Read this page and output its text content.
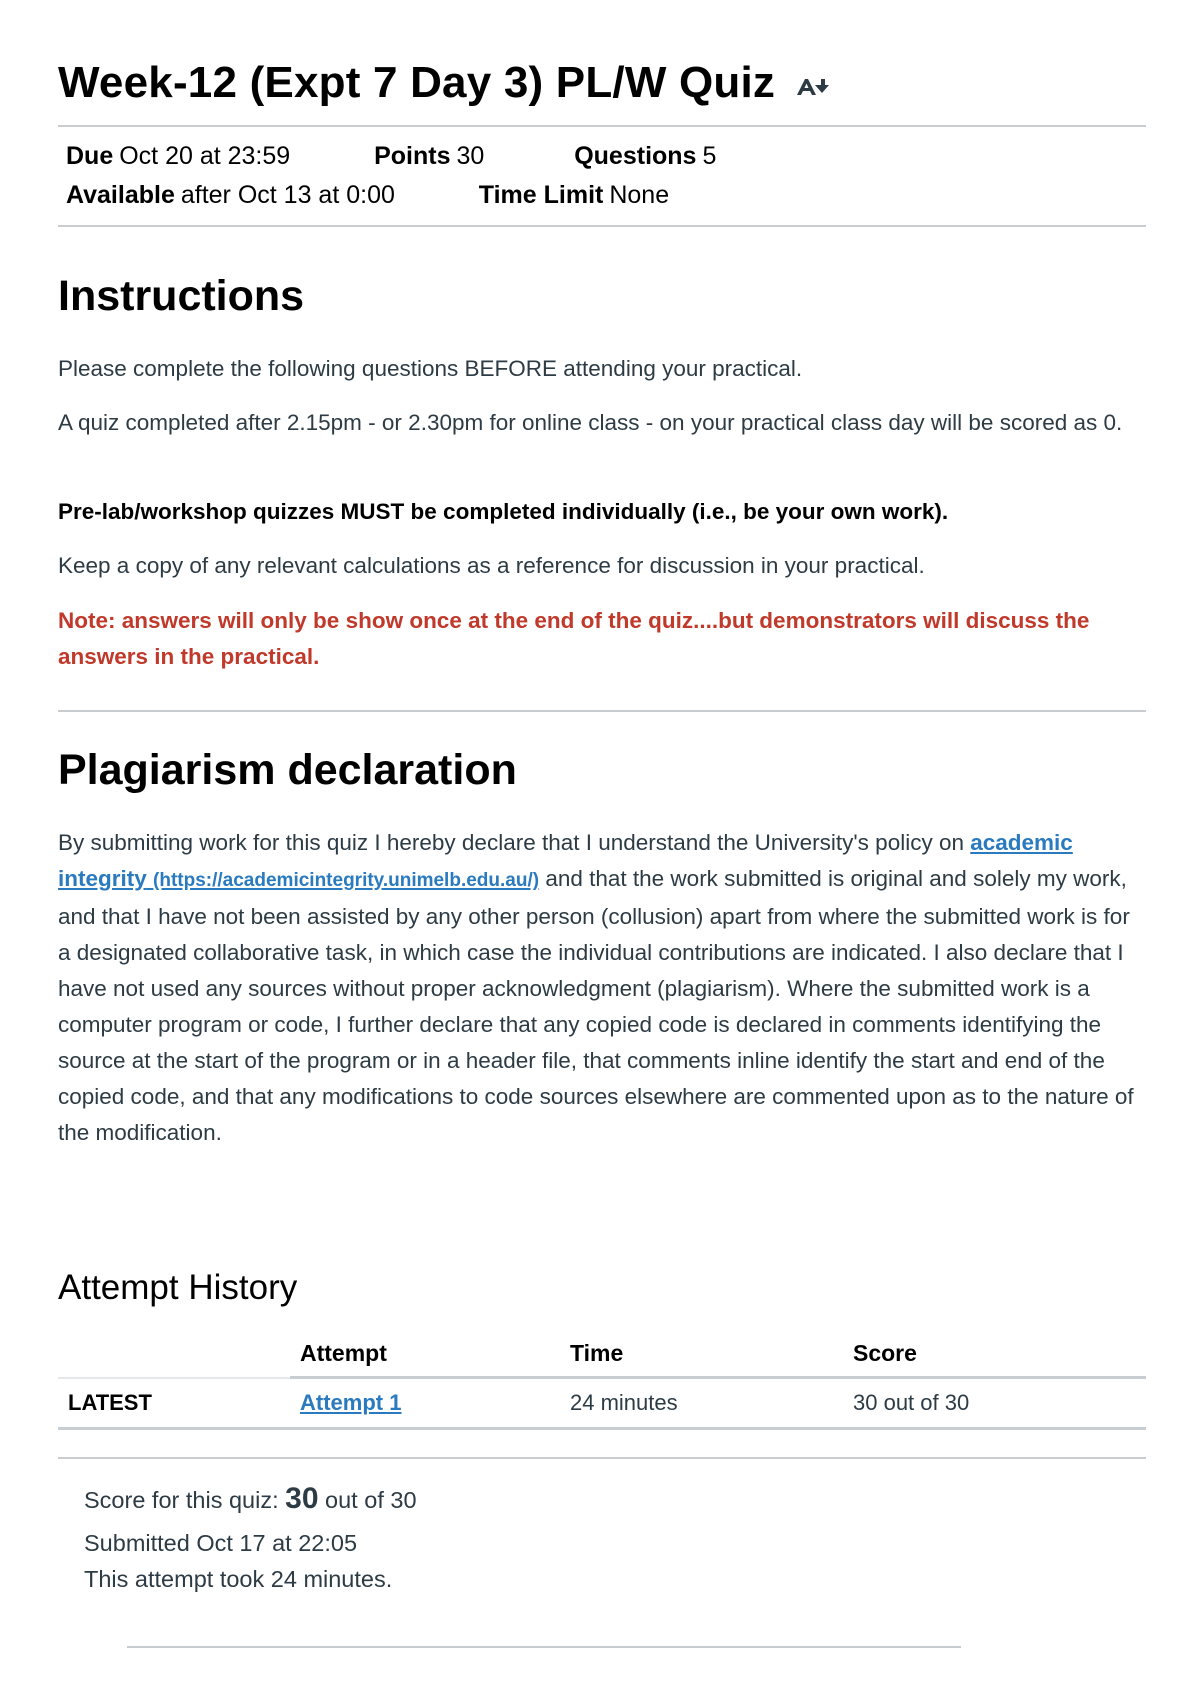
Week-12 (Expt 7 Day 3) PL/W Quiz
Due Oct 20 at 23:59	Points 30	Questions 5
Available after Oct 13 at 0:00	Time Limit None
Instructions

Please complete the following questions BEFORE attending your practical.

A quiz completed after 2.15pm - or 2.30pm for online class - on your practical class day will be scored as 0.

Pre-lab/workshop quizzes MUST be completed individually (i.e., be your own work).

Keep a copy of any relevant calculations as a reference for discussion in your practical.

Note: answers will only be show once at the end of the quiz....but demonstrators will discuss the answers in the practical.

Plagiarism declaration

By submitting work for this quiz I hereby declare that I understand the University's policy on academic integrity (https://academicintegrity.unimelb.edu.au/) and that the work submitted is original and solely my work, and that I have not been assisted by any other person (collusion) apart from where the submitted work is for a designated collaborative task, in which case the individual contributions are indicated. I also declare that I have not used any sources without proper acknowledgment (plagiarism). Where the submitted work is a computer program or code, I further declare that any copied code is declared in comments identifying the source at the start of the program or in a header file, that comments inline identify the start and end of the copied code, and that any modifications to code sources elsewhere are commented upon as to the nature of the modification.

Attempt History
	Attempt	Time	Score
LATEST	Attempt 1	24 minutes	30 out of 30
Score for this quiz: 30 out of 30
Submitted Oct 17 at 22:05
This attempt took 24 minutes.
